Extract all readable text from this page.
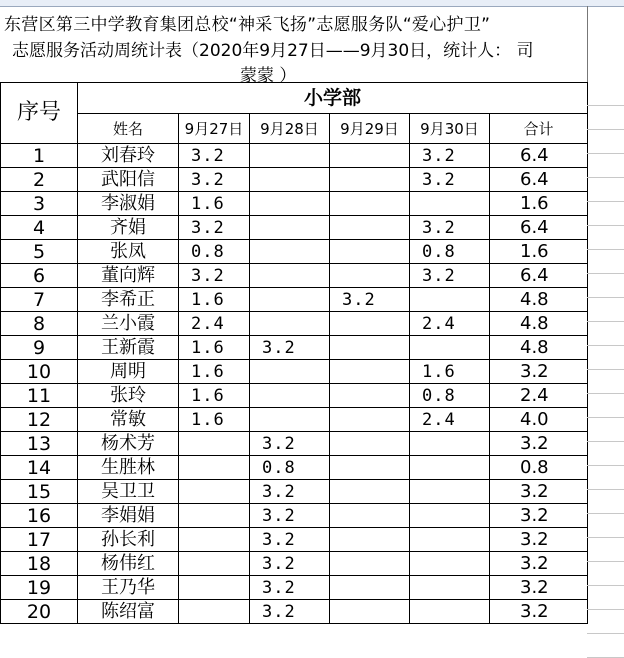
东营区第三中学教育集团总校“神采飞扬”志愿服务队“爱心护卫”
志愿服务活动周统计表（2020年9月27日——9月30日，统计人： 司
蒙蒙 ）
序号	小学部					
	姓名	9月27日	9月28日	9月29日	9月30日	合计
1	刘春玲	3.2			3.2	6.4
2	武阳信	3.2			3.2	6.4
3	李淑娟	1.6				1.6
4	齐娟	3.2			3.2	6.4
5	张凤	0.8			0.8	1.6
6	董向辉	3.2			3.2	6.4
7	李希正	1.6		3.2		4.8
8	兰小霞	2.4			2.4	4.8
9	王新霞	1.6	3.2			4.8
10	周明	1.6			1.6	3.2
11	张玲	1.6			0.8	2.4
12	常敏	1.6			2.4	4.0
13	杨术芳		3.2			3.2
14	生胜林		0.8			0.8
15	吴卫卫		3.2			3.2
16	李娟娟		3.2			3.2
17	孙长利		3.2			3.2
18	杨伟红		3.2			3.2
19	王乃华		3.2			3.2
20	陈绍富		3.2			3.2
